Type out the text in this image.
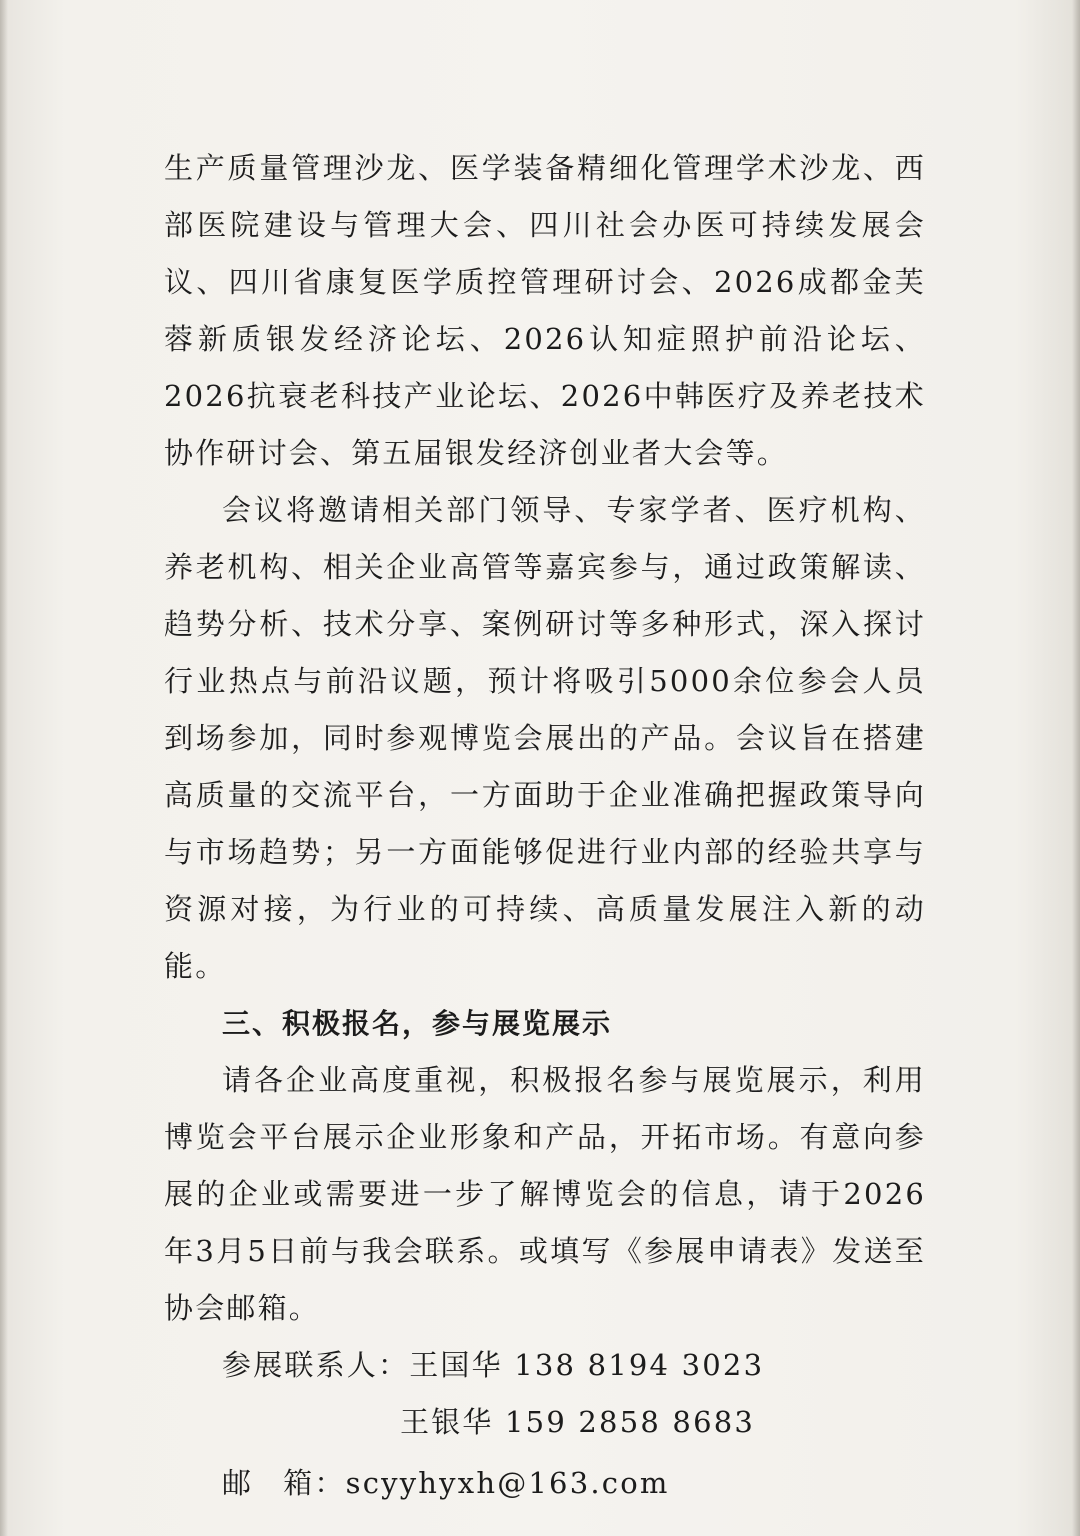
生产质量管理沙龙、医学装备精细化管理学术沙龙、西部医院建设与管理大会、四川社会办医可持续发展会议、四川省康复医学质控管理研讨会、2026成都金芙蓉新质银发经济论坛、2026认知症照护前沿论坛、2026抗衰老科技产业论坛、2026中韩医疗及养老技术协作研讨会、第五届银发经济创业者大会等。

会议将邀请相关部门领导、专家学者、医疗机构、养老机构、相关企业高管等嘉宾参与，通过政策解读、趋势分析、技术分享、案例研讨等多种形式，深入探讨行业热点与前沿议题，预计将吸引5000余位参会人员到场参加，同时参观博览会展出的产品。会议旨在搭建高质量的交流平台，一方面助于企业准确把握政策导向与市场趋势；另一方面能够促进行业内部的经验共享与资源对接，为行业的可持续、高质量发展注入新的动能。

三、积极报名，参与展览展示

请各企业高度重视，积极报名参与展览展示，利用博览会平台展示企业形象和产品，开拓市场。有意向参展的企业或需要进一步了解博览会的信息，请于2026年3月5日前与我会联系。或填写《参展申请表》发送至协会邮箱。

参展联系人：王国华 138 8194 3023

王银华 159 2858 8683

邮 箱：scyyhyxh@163.com
